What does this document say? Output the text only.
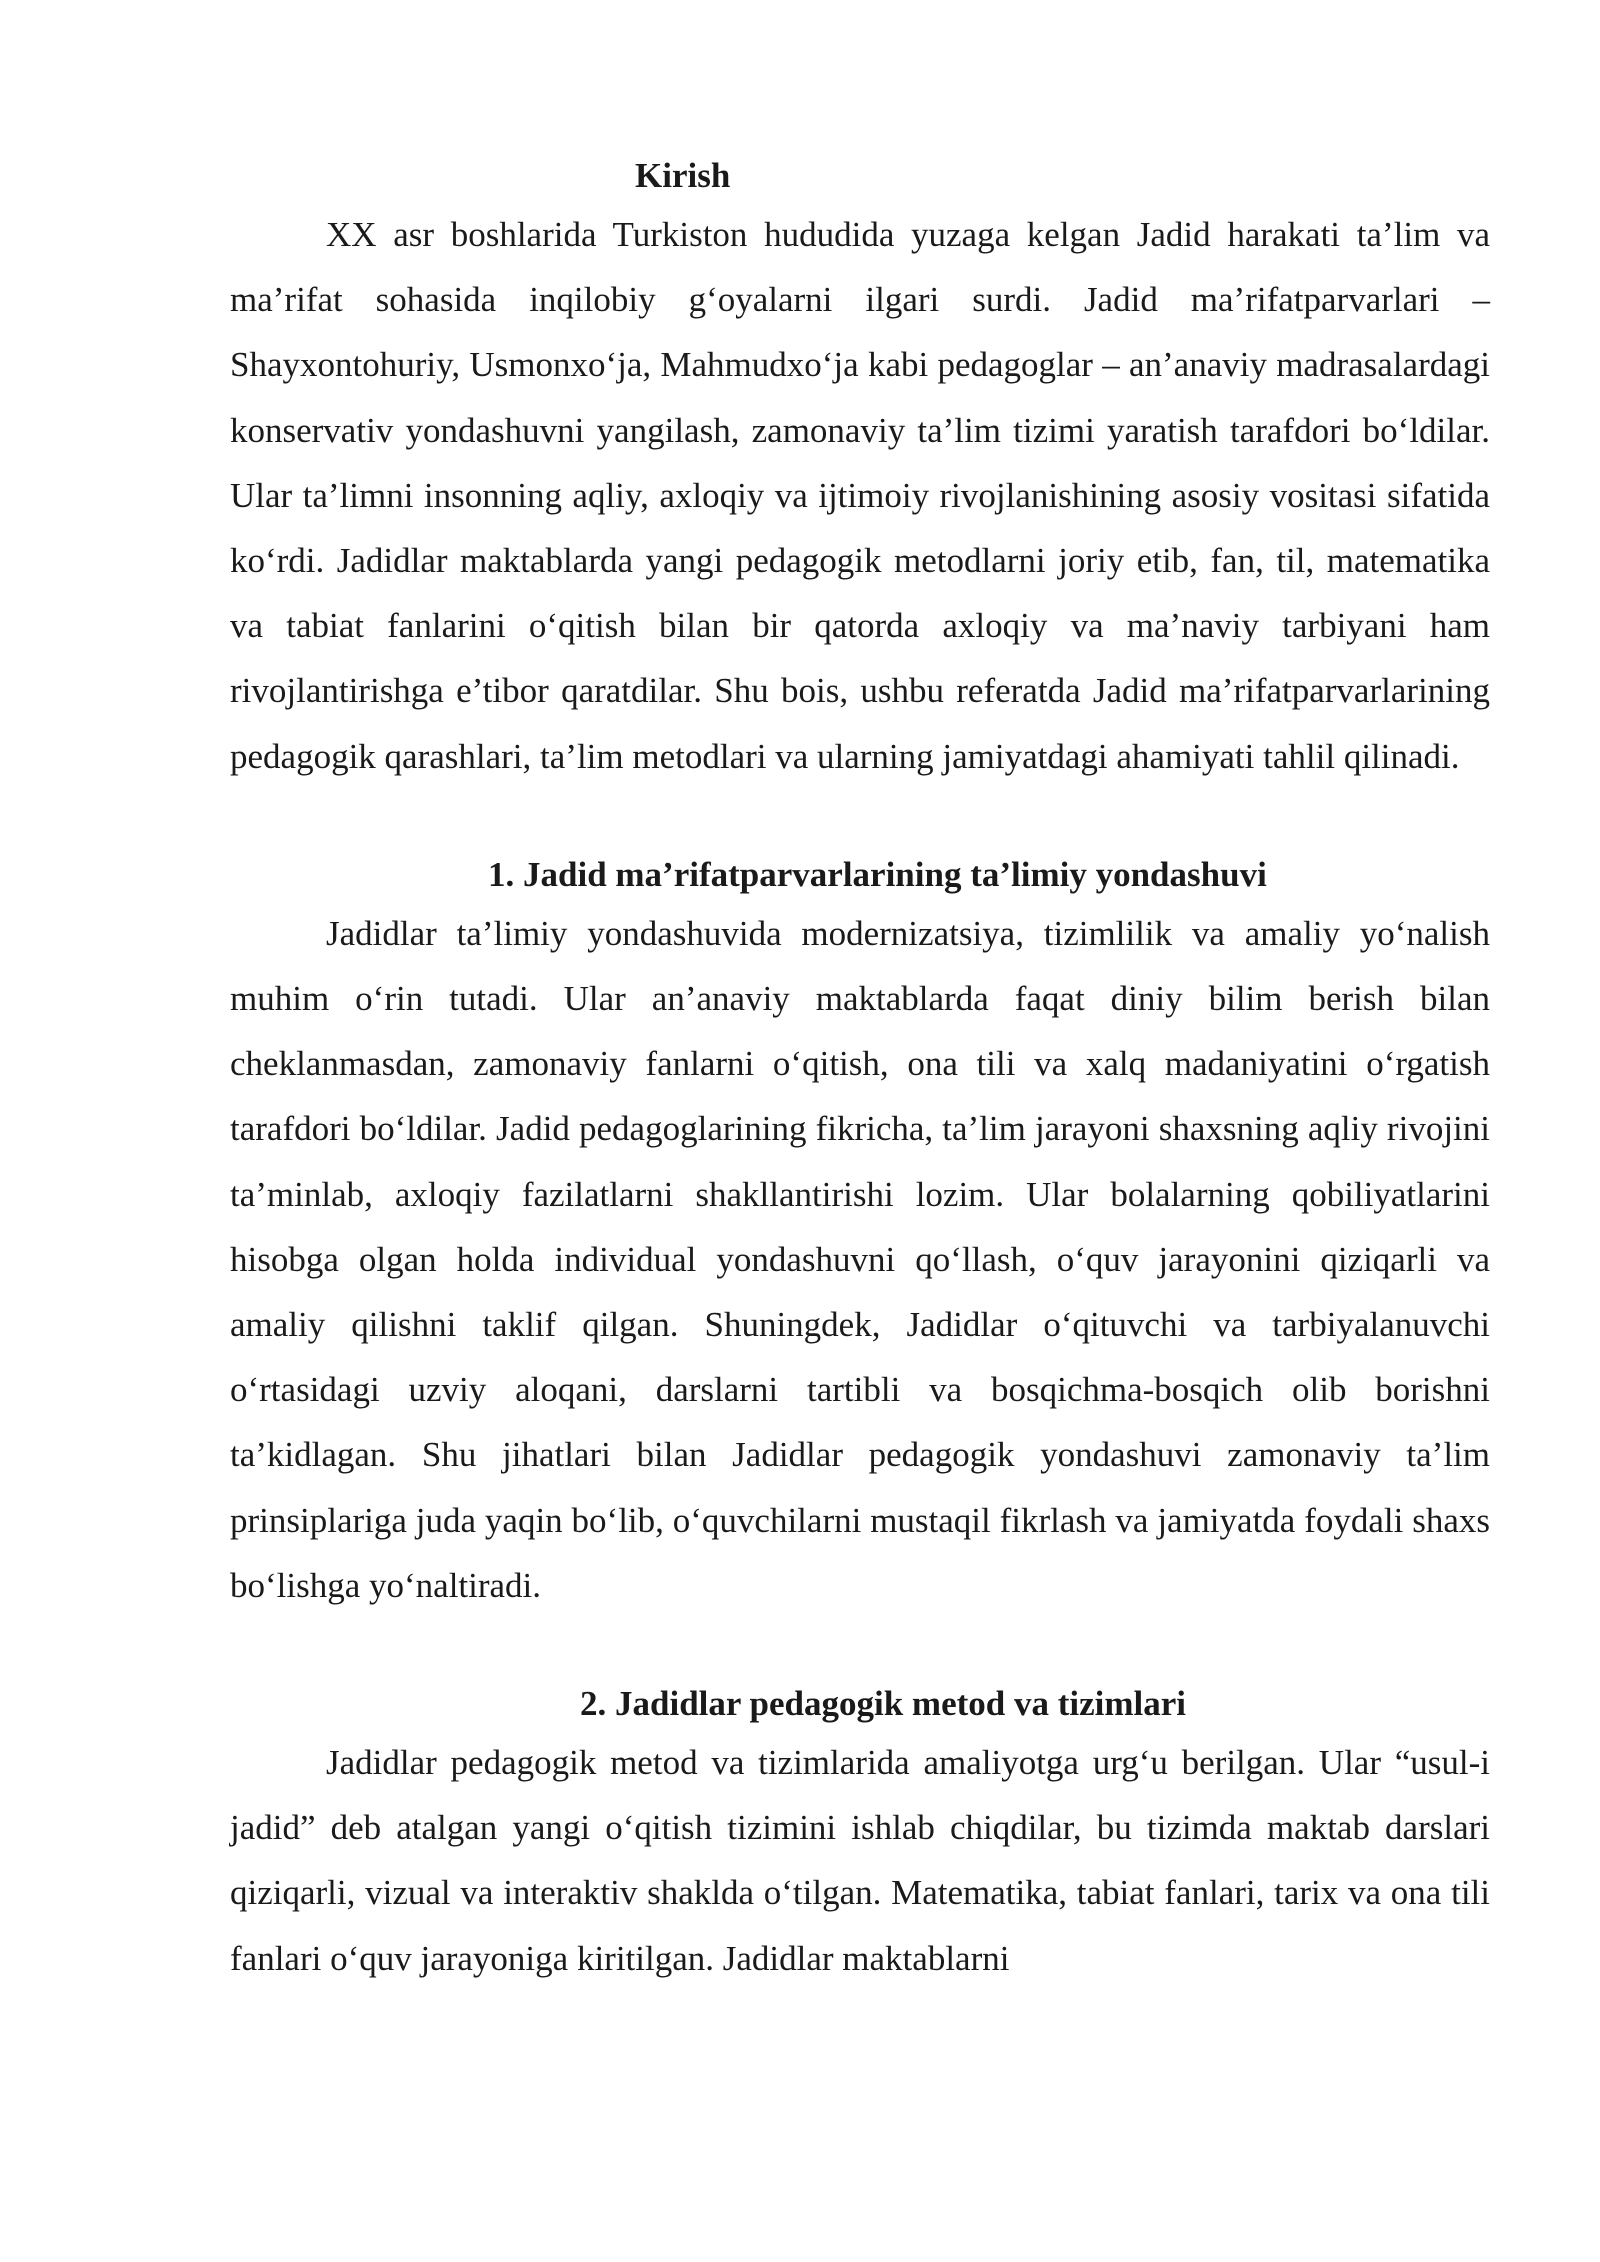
Kirish

XX asr boshlarida Turkiston hududida yuzaga kelgan Jadid harakati ta’lim va ma’rifat sohasida inqilobiy g‘oyalarni ilgari surdi. Jadid ma’rifatparvarlari – Shayxontohuriy, Usmonxo‘ja, Mahmudxo‘ja kabi pedagoglar – an’anaviy madrasalardagi konservativ yondashuvni yangilash, zamonaviy ta’lim tizimi yaratish tarafdori bo‘ldilar. Ular ta’limni insonning aqliy, axloqiy va ijtimoiy rivojlanishining asosiy vositasi sifatida ko‘rdi. Jadidlar maktablarda yangi pedagogik metodlarni joriy etib, fan, til, matematika va tabiat fanlarini o‘qitish bilan bir qatorda axloqiy va ma’naviy tarbiyani ham rivojlantirishga e’tibor qaratdilar. Shu bois, ushbu referatda Jadid ma’rifatparvarlarining pedagogik qarashlari, ta’lim metodlari va ularning jamiyatdagi ahamiyati tahlil qilinadi.

1. Jadid ma’rifatparvarlarining ta’limiy yondashuvi

Jadidlar ta’limiy yondashuvida modernizatsiya, tizimlilik va amaliy yo‘nalish muhim o‘rin tutadi. Ular an’anaviy maktablarda faqat diniy bilim berish bilan cheklanmasdan, zamonaviy fanlarni o‘qitish, ona tili va xalq madaniyatini o‘rgatish tarafdori bo‘ldilar. Jadid pedagoglarining fikricha, ta’lim jarayoni shaxsning aqliy rivojini ta’minlab, axloqiy fazilatlarni shakllantirishi lozim. Ular bolalarning qobiliyatlarini hisobga olgan holda individual yondashuvni qo‘llash, o‘quv jarayonini qiziqarli va amaliy qilishni taklif qilgan. Shuningdek, Jadidlar o‘qituvchi va tarbiyalanuvchi o‘rtasidagi uzviy aloqani, darslarni tartibli va bosqichma-bosqich olib borishni ta’kidlagan. Shu jihatlari bilan Jadidlar pedagogik yondashuvi zamonaviy ta’lim prinsiplariga juda yaqin bo‘lib, o‘quvchilarni mustaqil fikrlash va jamiyatda foydali shaxs bo‘lishga yo‘naltiradi.

2. Jadidlar pedagogik metod va tizimlari

Jadidlar pedagogik metod va tizimlarida amaliyotga urg‘u berilgan. Ular “usul-i jadid” deb atalgan yangi o‘qitish tizimini ishlab chiqdilar, bu tizimda maktab darslari qiziqarli, vizual va interaktiv shaklda o‘tilgan. Matematika, tabiat fanlari, tarix va ona tili fanlari o‘quv jarayoniga kiritilgan. Jadidlar maktablarni
